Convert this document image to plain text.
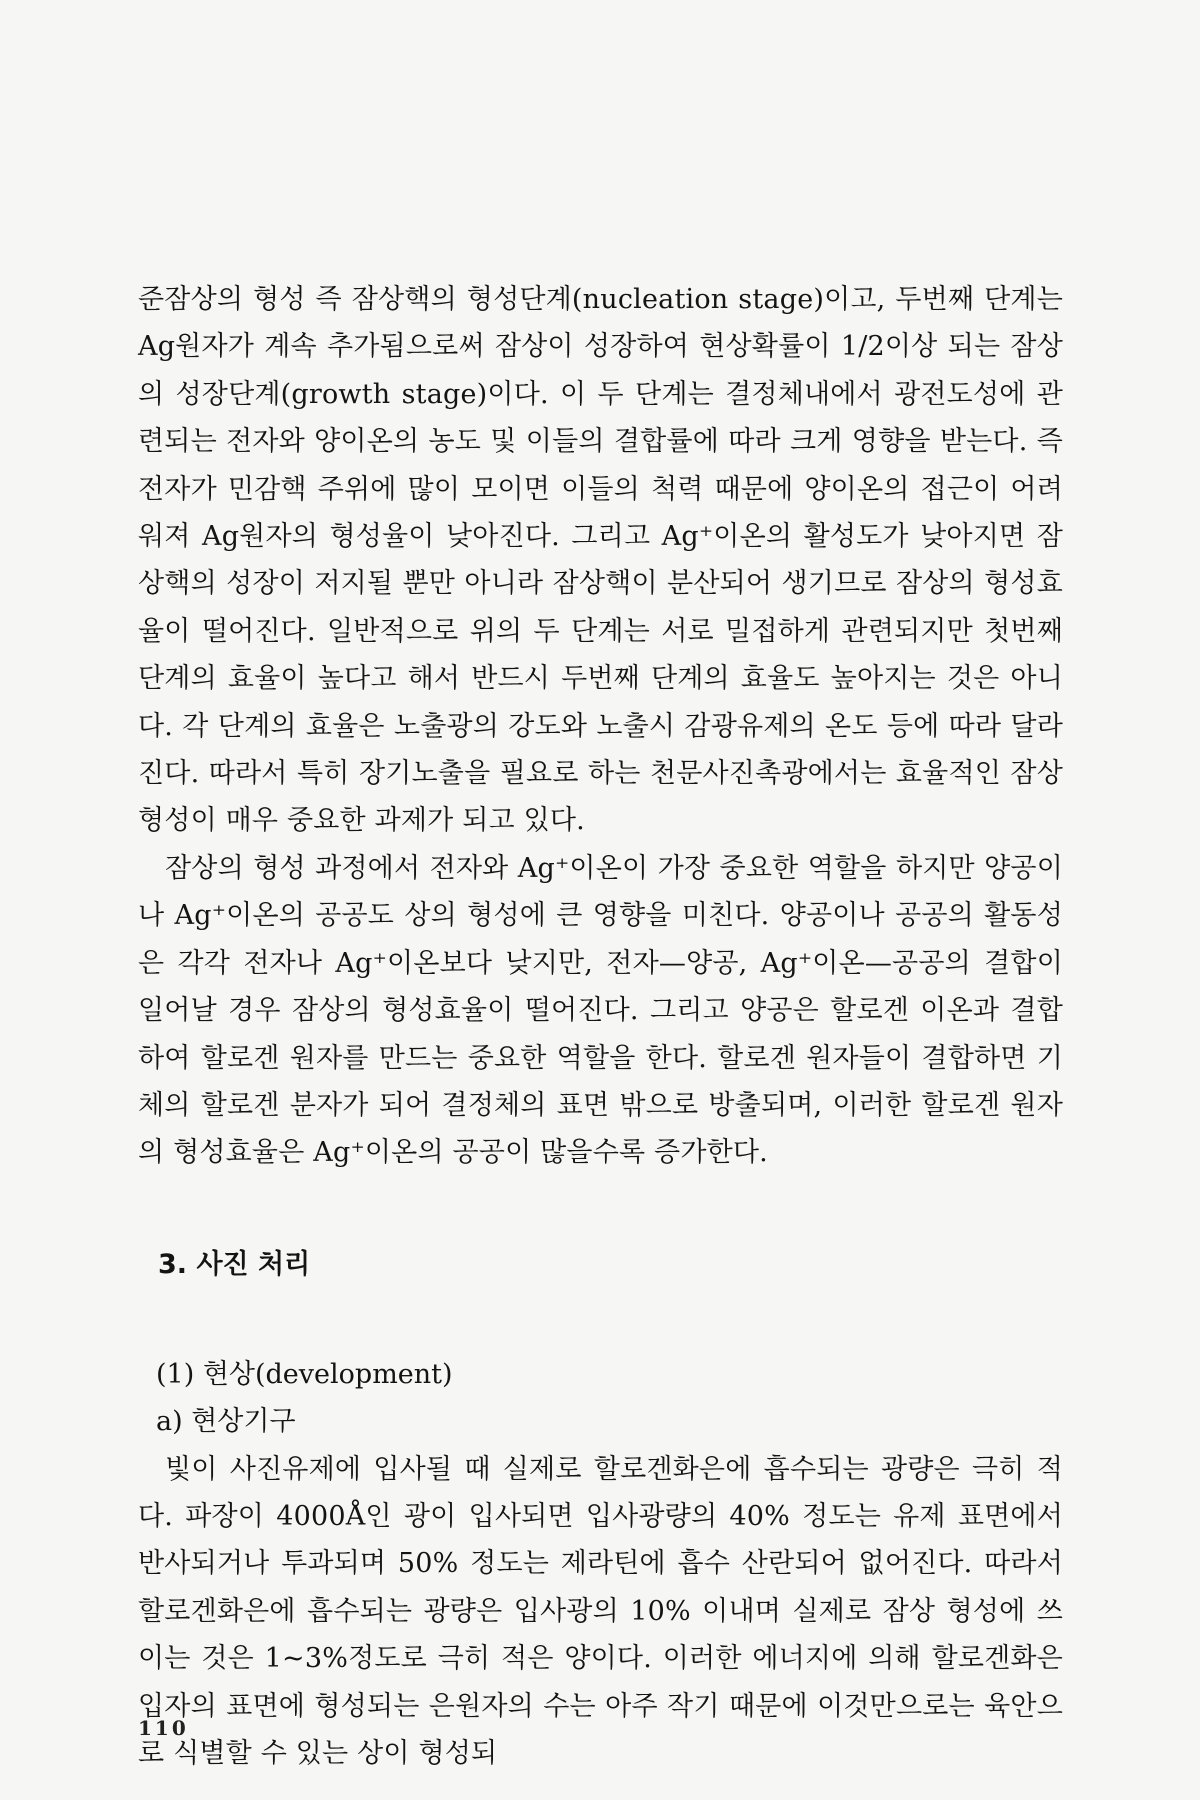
준잠상의 형성 즉 잠상핵의 형성단계(nucleation stage)이고, 두번째 단계는 Ag원자가 계속 추가됨으로써 잠상이 성장하여 현상확률이 1/2이상 되는 잠상의 성장단계(growth stage)이다. 이 두 단계는 결정체내에서 광전도성에 관련되는 전자와 양이온의 농도 및 이들의 결합률에 따라 크게 영향을 받는다. 즉 전자가 민감핵 주위에 많이 모이면 이들의 척력 때문에 양이온의 접근이 어려워져 Ag원자의 형성율이 낮아진다. 그리고 Ag⁺이온의 활성도가 낮아지면 잠상핵의 성장이 저지될 뿐만 아니라 잠상핵이 분산되어 생기므로 잠상의 형성효율이 떨어진다. 일반적으로 위의 두 단계는 서로 밀접하게 관련되지만 첫번째 단계의 효율이 높다고 해서 반드시 두번째 단계의 효율도 높아지는 것은 아니다. 각 단계의 효율은 노출광의 강도와 노출시 감광유제의 온도 등에 따라 달라진다. 따라서 특히 장기노출을 필요로 하는 천문사진촉광에서는 효율적인 잠상형성이 매우 중요한 과제가 되고 있다.

잠상의 형성 과정에서 전자와 Ag⁺이온이 가장 중요한 역할을 하지만 양공이나 Ag⁺이온의 공공도 상의 형성에 큰 영향을 미친다. 양공이나 공공의 활동성은 각각 전자나 Ag⁺이온보다 낮지만, 전자—양공, Ag⁺이온—공공의 결합이 일어날 경우 잠상의 형성효율이 떨어진다. 그리고 양공은 할로겐 이온과 결합하여 할로겐 원자를 만드는 중요한 역할을 한다. 할로겐 원자들이 결합하면 기체의 할로겐 분자가 되어 결정체의 표면 밖으로 방출되며, 이러한 할로겐 원자의 형성효율은 Ag⁺이온의 공공이 많을수록 증가한다.

3. 사진 처리
(1) 현상(development)
a) 현상기구

빛이 사진유제에 입사될 때 실제로 할로겐화은에 흡수되는 광량은 극히 적다. 파장이 4000Å인 광이 입사되면 입사광량의 40% 정도는 유제 표면에서 반사되거나 투과되며 50% 정도는 제라틴에 흡수 산란되어 없어진다. 따라서 할로겐화은에 흡수되는 광량은 입사광의 10% 이내며 실제로 잠상 형성에 쓰이는 것은 1~3%정도로 극히 적은 양이다. 이러한 에너지에 의해 할로겐화은 입자의 표면에 형성되는 은원자의 수는 아주 작기 때문에 이것만으로는 육안으로 식별할 수 있는 상이 형성되

110
